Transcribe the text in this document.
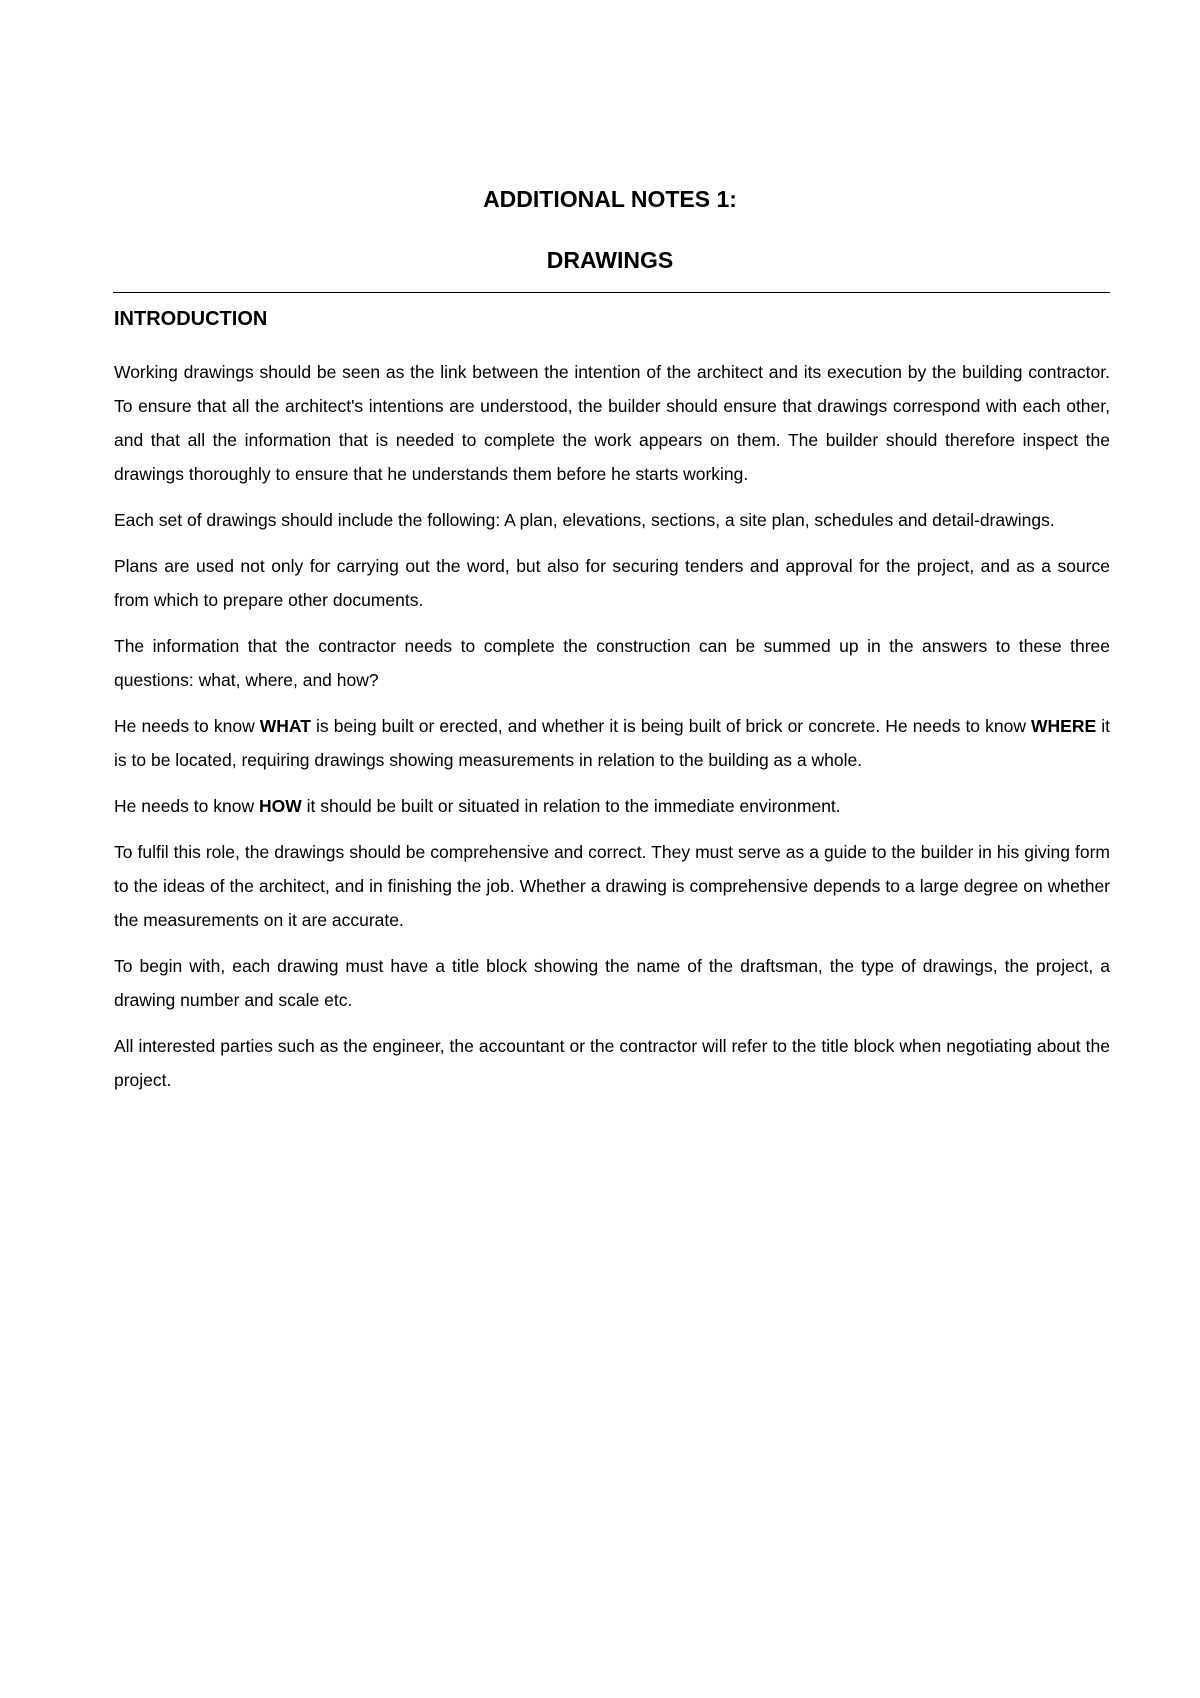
ADDITIONAL NOTES 1:
DRAWINGS
INTRODUCTION

Working drawings should be seen as the link between the intention of the architect and its execution by the building contractor. To ensure that all the architect's intentions are understood, the builder should ensure that drawings correspond with each other, and that all the information that is needed to complete the work appears on them. The builder should therefore inspect the drawings thoroughly to ensure that he understands them before he starts working.

Each set of drawings should include the following: A plan, elevations, sections, a site plan, schedules and detail-drawings.

Plans are used not only for carrying out the word, but also for securing tenders and approval for the project, and as a source from which to prepare other documents.

The information that the contractor needs to complete the construction can be summed up in the answers to these three questions: what, where, and how?

He needs to know WHAT is being built or erected, and whether it is being built of brick or concrete. He needs to know WHERE it is to be located, requiring drawings showing measurements in relation to the building as a whole.

He needs to know HOW it should be built or situated in relation to the immediate environment.

To fulfil this role, the drawings should be comprehensive and correct. They must serve as a guide to the builder in his giving form to the ideas of the architect, and in finishing the job. Whether a drawing is comprehensive depends to a large degree on whether the measurements on it are accurate.

To begin with, each drawing must have a title block showing the name of the draftsman, the type of drawings, the project, a drawing number and scale etc.

All interested parties such as the engineer, the accountant or the contractor will refer to the title block when negotiating about the project.
